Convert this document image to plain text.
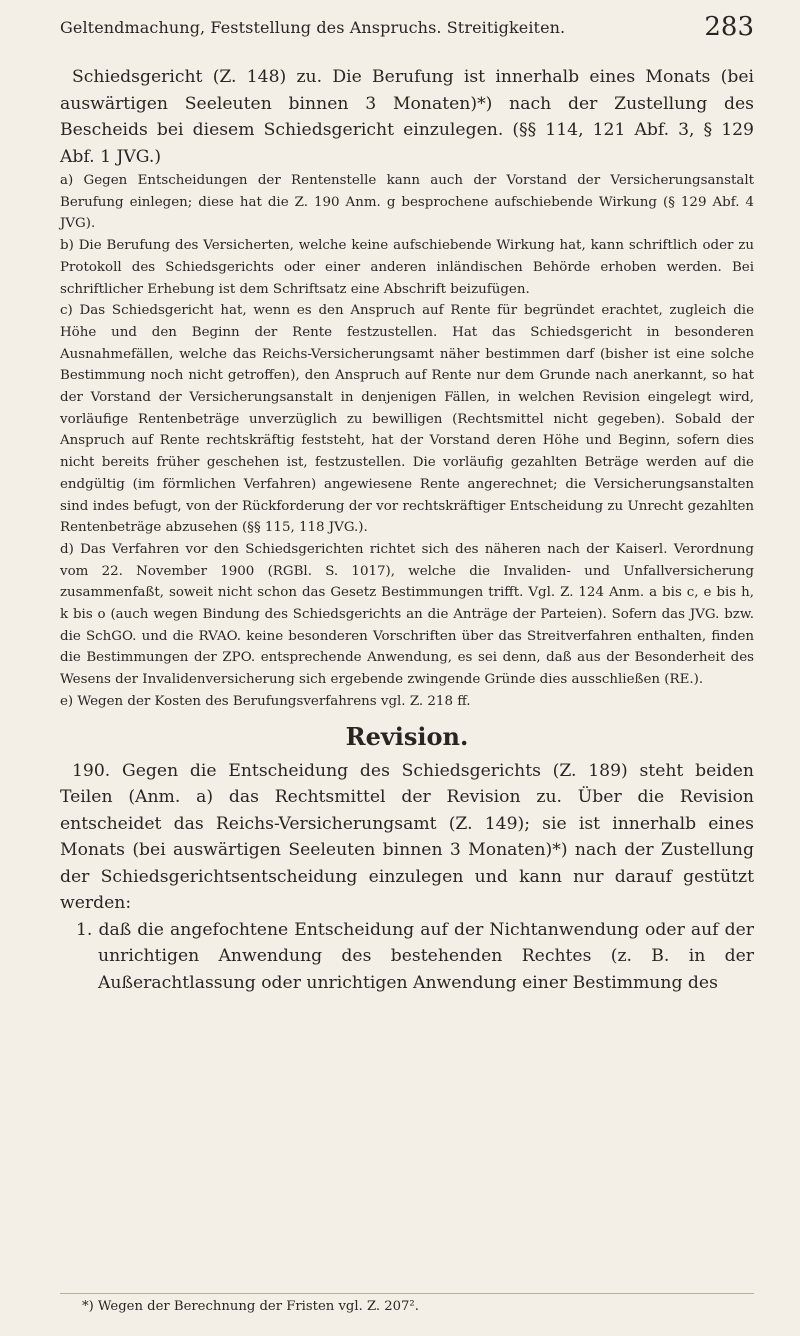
Geltendmachung, Feststellung des Anspruchs. Streitigkeiten.	283

Schiedsgericht (Z. 148) zu. Die Berufung ist innerhalb eines Monats (bei auswärtigen Seeleuten binnen 3 Monaten)*) nach der Zustellung des Bescheids bei diesem Schiedsgericht einzulegen. (§§ 114, 121 Abf. 3, § 129 Abf. 1 JVG.)

a) Gegen Entscheidungen der Rentenstelle kann auch der Vorstand der Versicherungsanstalt Berufung einlegen; diese hat die Z. 190 Anm. g besprochene aufschiebende Wirkung (§ 129 Abf. 4 JVG).

b) Die Berufung des Versicherten, welche keine aufschiebende Wirkung hat, kann schriftlich oder zu Protokoll des Schiedsgerichts oder einer anderen inländischen Behörde erhoben werden. Bei schriftlicher Erhebung ist dem Schriftsatz eine Abschrift beizufügen.

c) Das Schiedsgericht hat, wenn es den Anspruch auf Rente für begründet erachtet, zugleich die Höhe und den Beginn der Rente festzustellen. Hat das Schiedsgericht in besonderen Ausnahmefällen, welche das Reichs-Versicherungsamt näher bestimmen darf (bisher ist eine solche Bestimmung noch nicht getroffen), den Anspruch auf Rente nur dem Grunde nach anerkannt, so hat der Vorstand der Versicherungsanstalt in denjenigen Fällen, in welchen Revision eingelegt wird, vorläufige Rentenbeträge unverzüglich zu bewilligen (Rechtsmittel nicht gegeben). Sobald der Anspruch auf Rente rechtskräftig feststeht, hat der Vorstand deren Höhe und Beginn, sofern dies nicht bereits früher geschehen ist, festzustellen. Die vorläufig gezahlten Beträge werden auf die endgültig (im förmlichen Verfahren) angewiesene Rente angerechnet; die Versicherungsanstalten sind indes befugt, von der Rückforderung der vor rechtskräftiger Entscheidung zu Unrecht gezahlten Rentenbeträge abzusehen (§§ 115, 118 JVG.).

d) Das Verfahren vor den Schiedsgerichten richtet sich des näheren nach der Kaiserl. Verordnung vom 22. November 1900 (RGBl. S. 1017), welche die Invaliden- und Unfallversicherung zusammenfaßt, soweit nicht schon das Gesetz Bestimmungen trifft. Vgl. Z. 124 Anm. a bis c, e bis h, k bis o (auch wegen Bindung des Schiedsgerichts an die Anträge der Parteien). Sofern das JVG. bzw. die SchGO. und die RVAO. keine besonderen Vorschriften über das Streitverfahren enthalten, finden die Bestimmungen der ZPO. entsprechende Anwendung, es sei denn, daß aus der Besonderheit des Wesens der Invalidenversicherung sich ergebende zwingende Gründe dies ausschließen (RE.).

e) Wegen der Kosten des Berufungsverfahrens vgl. Z. 218 ff.

Revision.

190. Gegen die Entscheidung des Schiedsgerichts (Z. 189) steht beiden Teilen (Anm. a) das Rechtsmittel der Revision zu. Über die Revision entscheidet das Reichs-Versicherungsamt (Z. 149); sie ist innerhalb eines Monats (bei auswärtigen Seeleuten binnen 3 Monaten)*) nach der Zustellung der Schiedsgerichtsentscheidung einzulegen und kann nur darauf gestützt werden:

1. daß die angefochtene Entscheidung auf der Nichtanwendung oder auf der unrichtigen Anwendung des bestehenden Rechtes (z. B. in der Außerachtlassung oder unrichtigen Anwendung einer Bestimmung des

*) Wegen der Berechnung der Fristen vgl. Z. 207².
